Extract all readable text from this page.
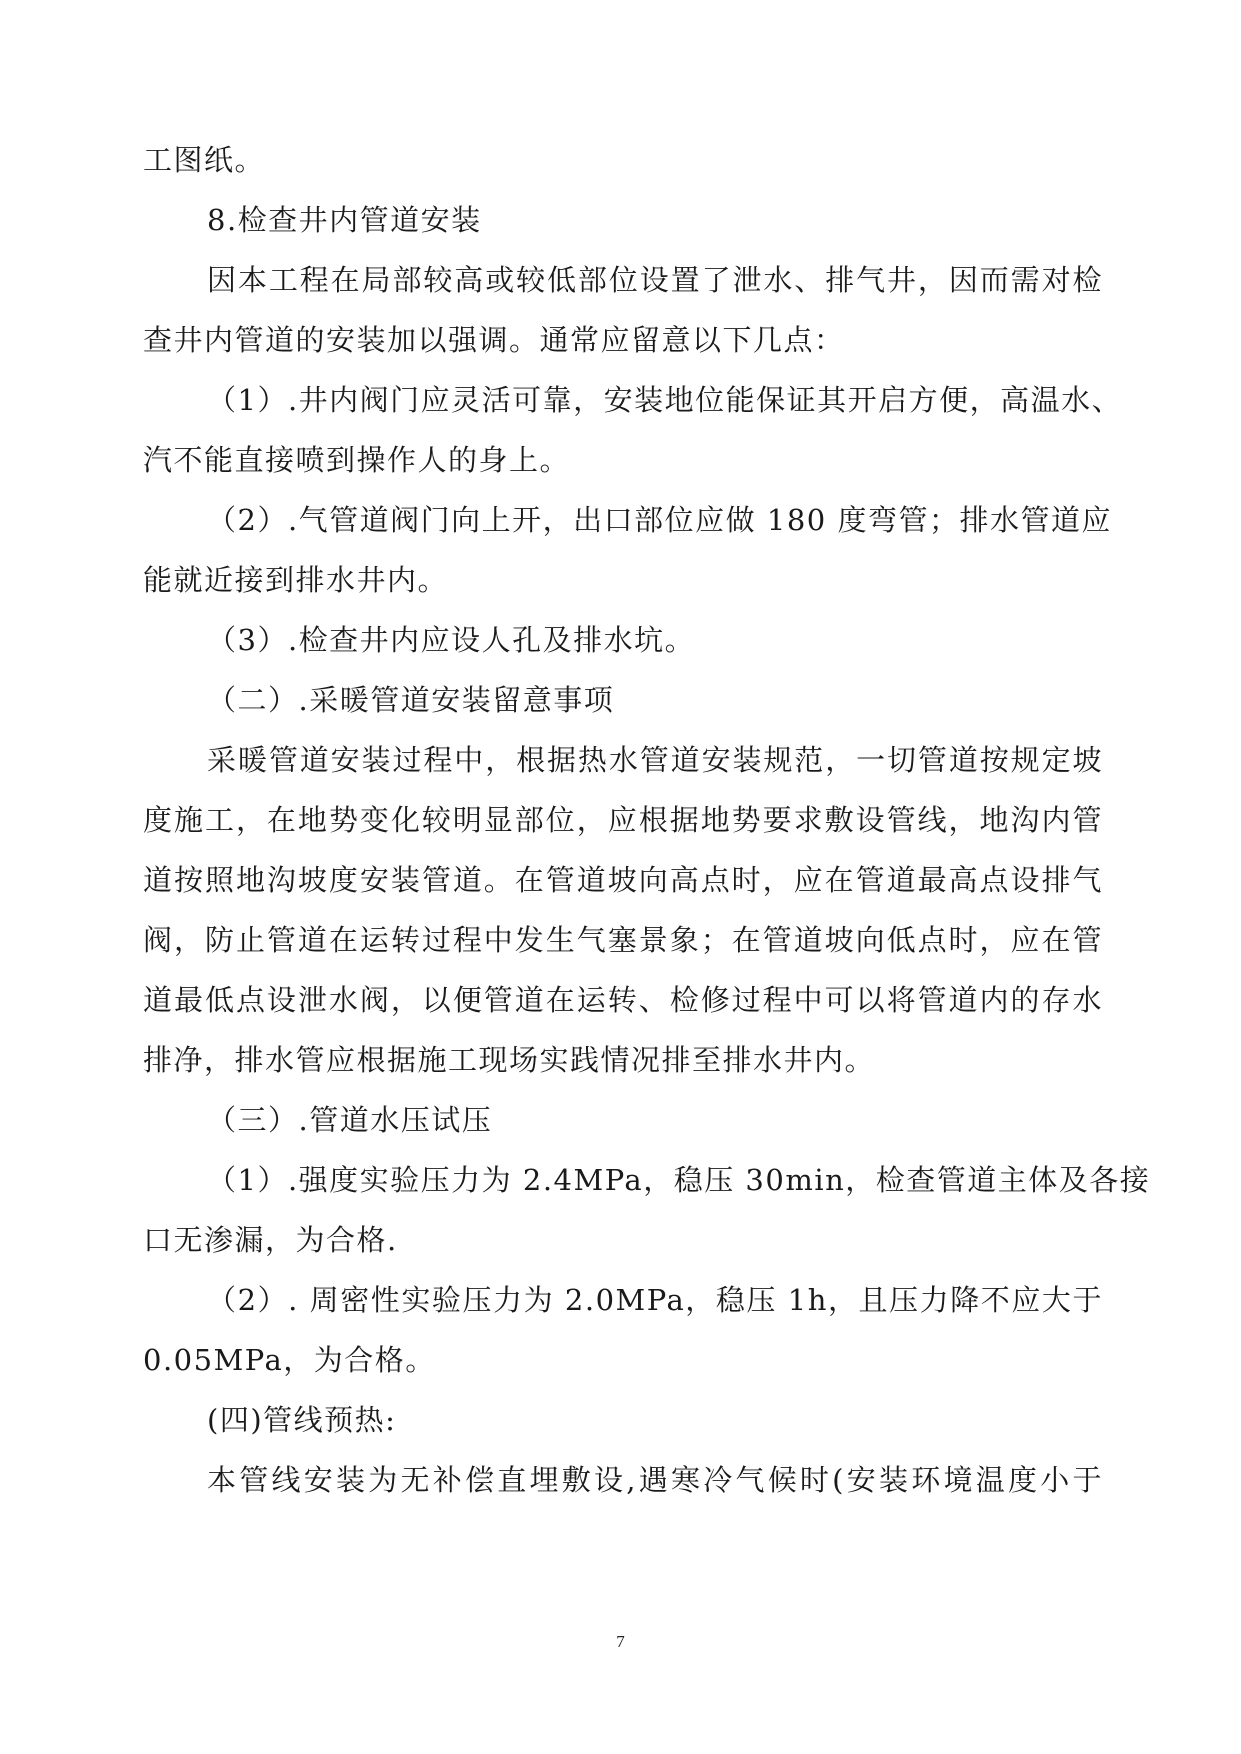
工图纸。
8.检查井内管道安装
因本工程在局部较高或较低部位设置了泄水、排气井，因而需对检
查井内管道的安装加以强调。通常应留意以下几点：
（1）.井内阀门应灵活可靠，安装地位能保证其开启方便，高温水、
汽不能直接喷到操作人的身上。
（2）.气管道阀门向上开，出口部位应做 180 度弯管；排水管道应
能就近接到排水井内。
（3）.检查井内应设人孔及排水坑。
（二）.采暖管道安装留意事项
采暖管道安装过程中，根据热水管道安装规范，一切管道按规定坡
度施工，在地势变化较明显部位，应根据地势要求敷设管线，地沟内管
道按照地沟坡度安装管道。在管道坡向高点时，应在管道最高点设排气
阀，防止管道在运转过程中发生气塞景象；在管道坡向低点时，应在管
道最低点设泄水阀，以便管道在运转、检修过程中可以将管道内的存水
排净，排水管应根据施工现场实践情况排至排水井内。
（三）.管道水压试压
（1）.强度实验压力为 2.4MPa，稳压 30min，检查管道主体及各接
口无渗漏，为合格.
（2）. 周密性实验压力为 2.0MPa，稳压 1h，且压力降不应大于
0.05MPa，为合格。
(四)管线预热:
本管线安装为无补偿直埋敷设,遇寒冷气候时(安装环境温度小于
7
